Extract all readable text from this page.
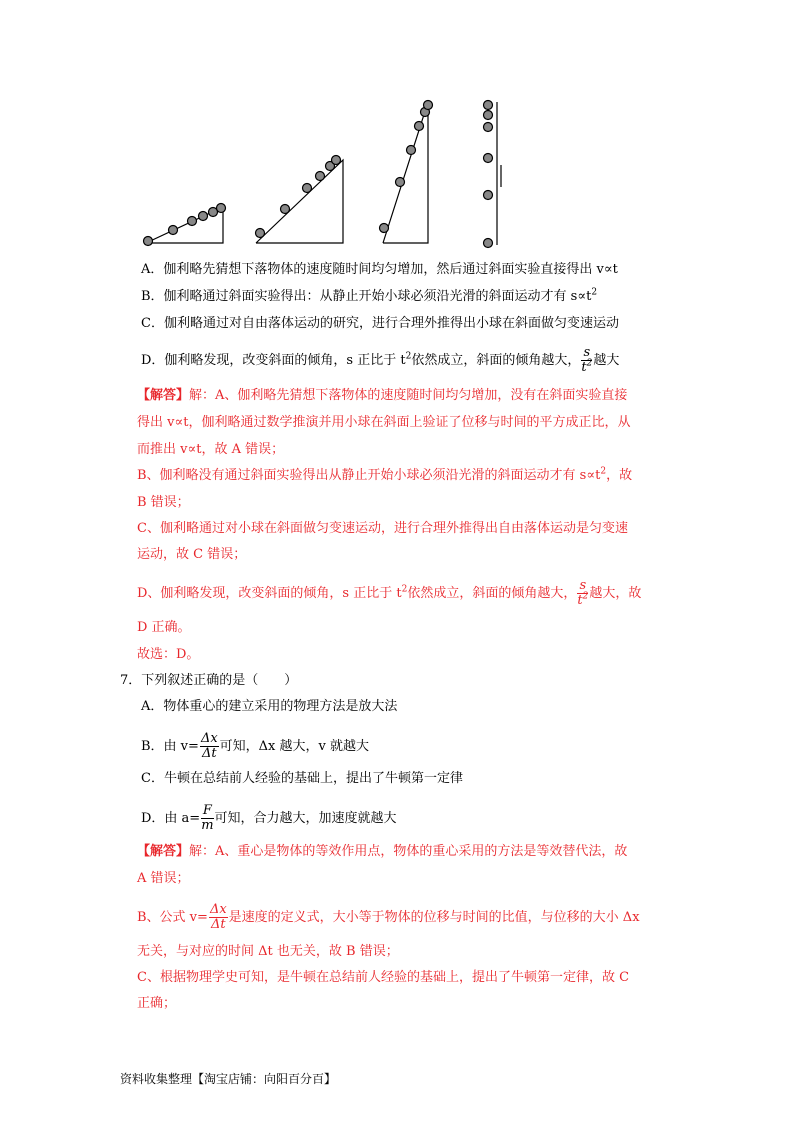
A．伽利略先猜想下落物体的速度随时间均匀增加，然后通过斜面实验直接得出 v∝t
B．伽利略通过斜面实验得出：从静止开始小球必须沿光滑的斜面运动才有 $s\propto t^2$
C．伽利略通过对自由落体运动的研究，进行合理外推得出小球在斜面做匀变速运动
D．伽利略发现，改变斜面的倾角，s 正比于 $t^2$依然成立，斜面的倾角越大， $\frac{s}{t^2}$ 越大
【解答】解：A、伽利略先猜想下落物体的速度随时间均匀增加，没有在斜面实验直接
得出 v∝t，伽利略通过数学推演并用小球在斜面上验证了位移与时间的平方成正比，从
而推出 v∝t，故 A 错误；
B、伽利略没有通过斜面实验得出从静止开始小球必须沿光滑的斜面运动才有 $s\propto t^2$，故
B 错误；
C、伽利略通过对小球在斜面做匀变速运动，进行合理外推得出自由落体运动是匀变速
运动，故 C 错误；
D、伽利略发现，改变斜面的倾角，s 正比于 $t^2$依然成立，斜面的倾角越大， $\frac{s}{t^2}$ 越大，故
D 正确。
故选：D。
7．下列叙述正确的是（　　）
A．物体重心的建立采用的物理方法是放大法
B．由 $v= \frac{\Delta x}{\Delta t}$ 可知，Δx 越大，v 就越大
C．牛顿在总结前人经验的基础上，提出了牛顿第一定律
D．由 $a= \frac{F}{m}$ 可知，合力越大，加速度就越大
【解答】解：A、重心是物体的等效作用点，物体的重心采用的方法是等效替代法，故
A 错误；
B、公式 $v= \frac{\Delta x}{\Delta t}$ 是速度的定义式，大小等于物体的位移与时间的比值，与位移的大小 Δx
无关，与对应的时间 Δt 也无关，故 B 错误；
C、根据物理学史可知，是牛顿在总结前人经验的基础上，提出了牛顿第一定律，故 C
正确；
资料收集整理【淘宝店铺：向阳百分百】
